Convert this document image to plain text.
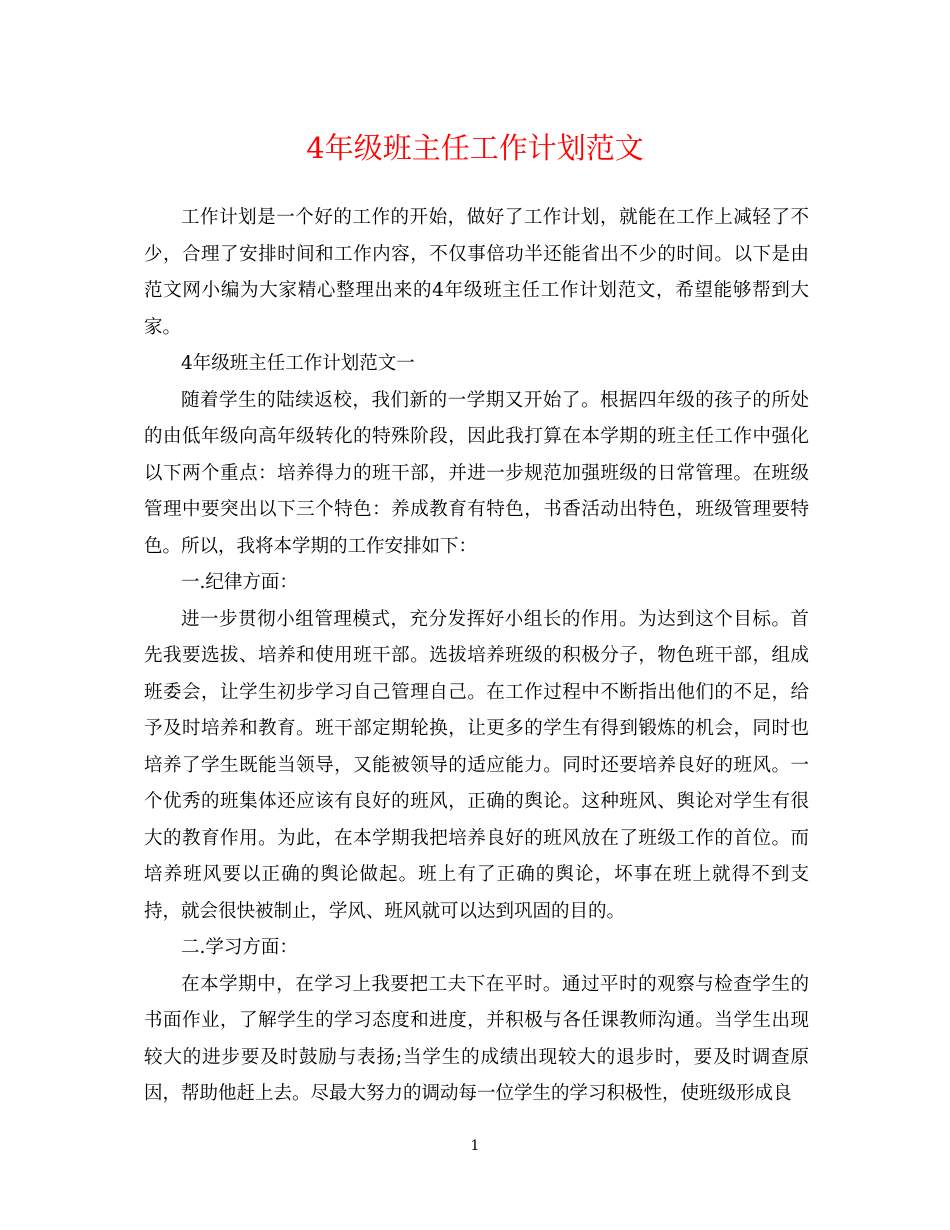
4年级班主任工作计划范文

工作计划是一个好的工作的开始，做好了工作计划，就能在工作上减轻了不少，合理了安排时间和工作内容，不仅事倍功半还能省出不少的时间。以下是由范文网小编为大家精心整理出来的4年级班主任工作计划范文，希望能够帮到大家。

4年级班主任工作计划范文一

随着学生的陆续返校，我们新的一学期又开始了。根据四年级的孩子的所处的由低年级向高年级转化的特殊阶段，因此我打算在本学期的班主任工作中强化以下两个重点：培养得力的班干部，并进一步规范加强班级的日常管理。在班级管理中要突出以下三个特色：养成教育有特色，书香活动出特色，班级管理要特色。所以，我将本学期的工作安排如下：

一.纪律方面：

进一步贯彻小组管理模式，充分发挥好小组长的作用。为达到这个目标。首先我要选拔、培养和使用班干部。选拔培养班级的积极分子，物色班干部，组成班委会，让学生初步学习自己管理自己。在工作过程中不断指出他们的不足，给予及时培养和教育。班干部定期轮换，让更多的学生有得到锻炼的机会，同时也培养了学生既能当领导，又能被领导的适应能力。同时还要培养良好的班风。一个优秀的班集体还应该有良好的班风，正确的舆论。这种班风、舆论对学生有很大的教育作用。为此，在本学期我把培养良好的班风放在了班级工作的首位。而培养班风要以正确的舆论做起。班上有了正确的舆论，坏事在班上就得不到支持，就会很快被制止，学风、班风就可以达到巩固的目的。

二.学习方面：

在本学期中，在学习上我要把工夫下在平时。通过平时的观察与检查学生的书面作业，了解学生的学习态度和进度，并积极与各任课教师沟通。当学生出现较大的进步要及时鼓励与表扬;当学生的成绩出现较大的退步时，要及时调查原因，帮助他赶上去。尽最大努力的调动每一位学生的学习积极性，使班级形成良

1
